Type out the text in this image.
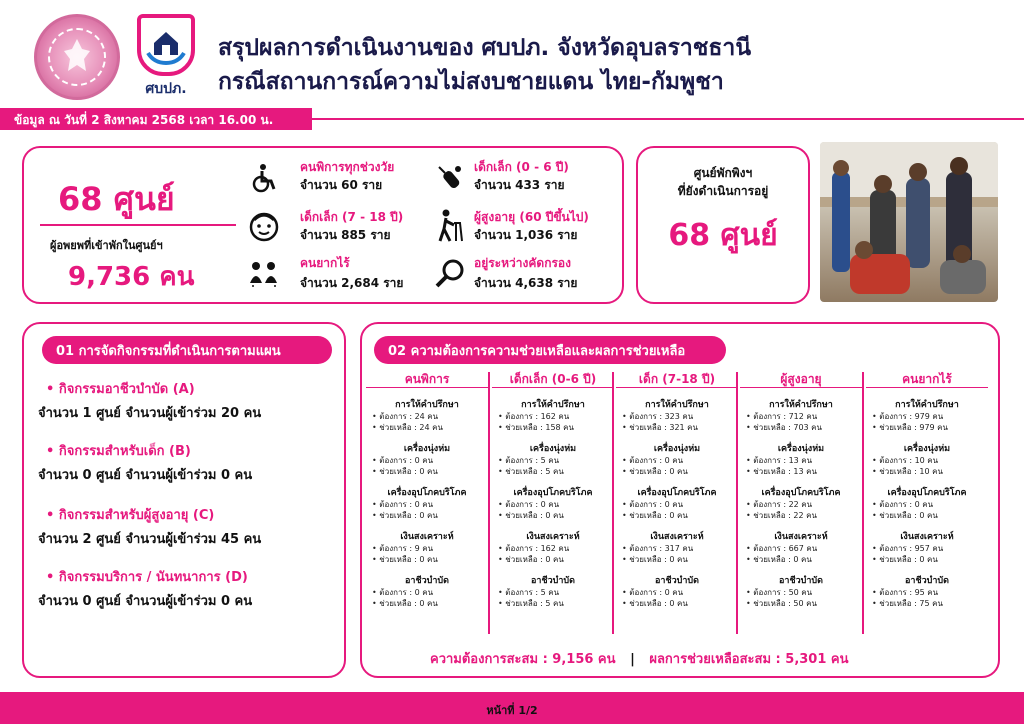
ศบปภ.
สรุปผลการดำเนินงานของ ศบปภ. จังหวัดอุบลราชธานี
กรณีสถานการณ์ความไม่สงบชายแดน ไทย-กัมพูชา
ข้อมูล ณ วันที่ 2 สิงหาคม 2568 เวลา 16.00 น.
68 ศูนย์
ผู้อพยพที่เข้าพักในศูนย์ฯ
9,736 คน
คนพิการทุกช่วงวัย
จำนวน 60 ราย
เด็กเล็ก (0 - 6 ปี)
จำนวน 433 ราย
เด็กเล็ก (7 - 18 ปี)
จำนวน 885 ราย
ผู้สูงอายุ (60 ปีขึ้นไป)
จำนวน 1,036 ราย
คนยากไร้
จำนวน 2,684 ราย
อยู่ระหว่างคัดกรอง
จำนวน 4,638 ราย
ศูนย์พักพิงฯ
ที่ยังดำเนินการอยู่
68 ศูนย์
01 การจัดกิจกรรมที่ดำเนินการตามแผน
• กิจกรรมอาชีวบำบัด (A)
จำนวน 1 ศูนย์ จำนวนผู้เข้าร่วม 20 คน
• กิจกรรมสำหรับเด็ก (B)
จำนวน 0 ศูนย์ จำนวนผู้เข้าร่วม 0 คน
• กิจกรรมสำหรับผู้สูงอายุ (C)
จำนวน 2 ศูนย์ จำนวนผู้เข้าร่วม 45 คน
• กิจกรรมบริการ / นันทนาการ (D)
จำนวน 0 ศูนย์ จำนวนผู้เข้าร่วม 0 คน
02 ความต้องการความช่วยเหลือและผลการช่วยเหลือ
คนพิการ
การให้คำปรึกษา
• ต้องการ : 24 คน
• ช่วยเหลือ : 24 คน
เครื่องนุ่งห่ม
• ต้องการ : 0 คน
• ช่วยเหลือ : 0 คน
เครื่องอุปโภคบริโภค
• ต้องการ : 0 คน
• ช่วยเหลือ : 0 คน
เงินสงเคราะห์
• ต้องการ : 9 คน
• ช่วยเหลือ : 0 คน
อาชีวบำบัด
• ต้องการ : 0 คน
• ช่วยเหลือ : 0 คน
เด็กเล็ก (0-6 ปี)
การให้คำปรึกษา
• ต้องการ : 162 คน
• ช่วยเหลือ : 158 คน
เครื่องนุ่งห่ม
• ต้องการ : 5 คน
• ช่วยเหลือ : 5 คน
เครื่องอุปโภคบริโภค
• ต้องการ : 0 คน
• ช่วยเหลือ : 0 คน
เงินสงเคราะห์
• ต้องการ : 162 คน
• ช่วยเหลือ : 0 คน
อาชีวบำบัด
• ต้องการ : 5 คน
• ช่วยเหลือ : 5 คน
เด็ก (7-18 ปี)
การให้คำปรึกษา
• ต้องการ : 323 คน
• ช่วยเหลือ : 321 คน
เครื่องนุ่งห่ม
• ต้องการ : 0 คน
• ช่วยเหลือ : 0 คน
เครื่องอุปโภคบริโภค
• ต้องการ : 0 คน
• ช่วยเหลือ : 0 คน
เงินสงเคราะห์
• ต้องการ : 317 คน
• ช่วยเหลือ : 0 คน
อาชีวบำบัด
• ต้องการ : 0 คน
• ช่วยเหลือ : 0 คน
ผู้สูงอายุ
การให้คำปรึกษา
• ต้องการ : 712 คน
• ช่วยเหลือ : 703 คน
เครื่องนุ่งห่ม
• ต้องการ : 13 คน
• ช่วยเหลือ : 13 คน
เครื่องอุปโภคบริโภค
• ต้องการ : 22 คน
• ช่วยเหลือ : 22 คน
เงินสงเคราะห์
• ต้องการ : 667 คน
• ช่วยเหลือ : 0 คน
อาชีวบำบัด
• ต้องการ : 50 คน
• ช่วยเหลือ : 50 คน
คนยากไร้
การให้คำปรึกษา
• ต้องการ : 979 คน
• ช่วยเหลือ : 979 คน
เครื่องนุ่งห่ม
• ต้องการ : 10 คน
• ช่วยเหลือ : 10 คน
เครื่องอุปโภคบริโภค
• ต้องการ : 0 คน
• ช่วยเหลือ : 0 คน
เงินสงเคราะห์
• ต้องการ : 957 คน
• ช่วยเหลือ : 0 คน
อาชีวบำบัด
• ต้องการ : 95 คน
• ช่วยเหลือ : 75 คน
ความต้องการสะสม : 9,156 คน | ผลการช่วยเหลือสะสม : 5,301 คน
หน้าที่ 1/2
